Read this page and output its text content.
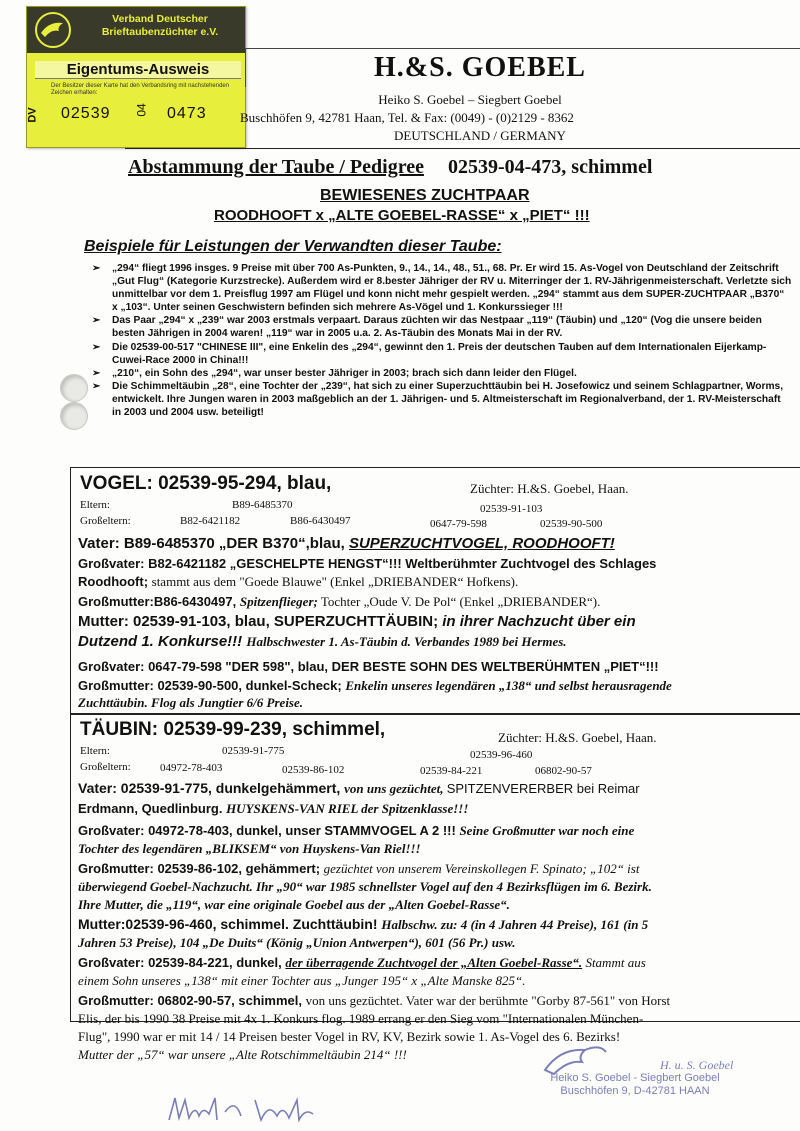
Verband Deutscher
Brieftaubenzüchter e.V.
Eigentums-Ausweis
Der Besitzer dieser Karte hat den Verbandsring mit nachstehenden Zeichen erhalten:
DV 02539 04 0473
H.&S. GOEBEL
Heiko S. Goebel – Siegbert Goebel
Buschhöfen 9, 42781 Haan, Tel. & Fax: (0049) - (0)2129 - 8362
DEUTSCHLAND / GERMANY
Abstammung der Taube / Pedigree 02539-04-473, schimmel
BEWIESENES ZUCHTPAAR
ROODHOOFT x „ALTE GOEBEL-RASSE“ x „PIET“ !!!
Beispiele für Leistungen der Verwandten dieser Taube:
➢ „294“ fliegt 1996 insges. 9 Preise mit über 700 As-Punkten, 9., 14., 14., 48., 51., 68. Pr. Er wird 15. As-Vogel von Deutschland der Zeitschrift „Gut Flug“ (Kategorie Kurzstrecke). Außerdem wird er 8.bester Jähriger der RV u. Miterringer der 1. RV-Jährigenmeisterschaft. Verletzte sich unmittelbar vor dem 1. Preisflug 1997 am Flügel und konn nicht mehr gespielt werden. „294“ stammt aus dem SUPER-ZUCHTPAAR „B370“ x „103“. Unter seinen Geschwistern befinden sich mehrere As-Vögel und 1. Konkurssieger !!!
➢ Das Paar „294“ x „239“ war 2003 erstmals verpaart. Daraus züchten wir das Nestpaar „119“ (Täubin) und „120“ (Vog die unsere beiden besten Jährigen in 2004 waren! „119“ war in 2005 u.a. 2. As-Täubin des Monats Mai in der RV.
➢ Die 02539-00-517 "CHINESE III", eine Enkelin des „294“, gewinnt den 1. Preis der deutschen Tauben auf dem Internationalen Eijerkamp-Cuwei-Race 2000 in China!!!
➢ „210“, ein Sohn des „294“, war unser bester Jähriger in 2003; brach sich dann leider den Flügel.
➢ Die Schimmeltäubin „28“, eine Tochter der „239“, hat sich zu einer Superzuchttäubin bei H. Josefowicz und seinem Schlagpartner, Worms, entwickelt. Ihre Jungen waren in 2003 maßgeblich an der 1. Jährigen- und 5. Altmeisterschaft im Regionalverband, der 1. RV-Meisterschaft in 2003 und 2004 usw. beteiligt!
VOGEL: 02539-95-294, blau,	Züchter: H.&S. Goebel, Haan.
Eltern:	B89-6485370	02539-91-103
Großeltern:	B82-6421182	B86-6430497	0647-79-598	02539-90-500
Vater: B89-6485370 „DER B370“,blau, SUPERZUCHTVOGEL, ROODHOOFT!
Großvater: B82-6421182 „GESCHELPTE HENGST“!!! Weltberühmter Zuchtvogel des Schlages
Roodhooft; stammt aus dem "Goede Blauwe" (Enkel „DRIEBANDER“ Hofkens).
Großmutter:B86-6430497, Spitzenflieger; Tochter „Oude V. De Pol“ (Enkel „DRIEBANDER“).
Mutter: 02539-91-103, blau, SUPERZUCHTTÄUBIN; in ihrer Nachzucht über ein
Dutzend 1. Konkurse!!! Halbschwester 1. As-Täubin d. Verbandes 1989 bei Hermes.
Großvater: 0647-79-598 "DER 598", blau, DER BESTE SOHN DES WELTBERÜHMTEN „PIET“!!!
Großmutter: 02539-90-500, dunkel-Scheck; Enkelin unseres legendären „138“ und selbst herausragende
Zuchttäubin. Flog als Jungtier 6/6 Preise.
TÄUBIN: 02539-99-239, schimmel,	Züchter: H.&S. Goebel, Haan.
Eltern:	02539-91-775	02539-96-460
Großeltern:	04972-78-403	02539-86-102	02539-84-221	06802-90-57
Vater: 02539-91-775, dunkelgehämmert, von uns gezüchtet, SPITZENVERERBER bei Reimar
Erdmann, Quedlinburg. HUYSKENS-VAN RIEL der Spitzenklasse!!!
Großvater: 04972-78-403, dunkel, unser STAMMVOGEL A 2 !!! Seine Großmutter war noch eine
Tochter des legendären „BLIKSEM“ von Huyskens-Van Riel!!!
Großmutter: 02539-86-102, gehämmert; gezüchtet von unserem Vereinskollegen F. Spinato; „102“ ist
überwiegend Goebel-Nachzucht. Ihr „90“ war 1985 schnellster Vogel auf den 4 Bezirksflügen im 6. Bezirk.
Ihre Mutter, die „119“, war eine originale Goebel aus der „Alten Goebel-Rasse“.
Mutter:02539-96-460, schimmel. Zuchttäubin! Halbschw. zu: 4 (in 4 Jahren 44 Preise), 161 (in 5
Jahren 53 Preise), 104 „De Duits“ (König „Union Antwerpen“), 601 (56 Pr.) usw.
Großvater: 02539-84-221, dunkel, der überragende Zuchtvogel der „Alten Goebel-Rasse“. Stammt aus
einem Sohn unseres „138“ mit einer Tochter aus „Junger 195“ x „Alte Manske 825“.
Großmutter: 06802-90-57, schimmel, von uns gezüchtet. Vater war der berühmte "Gorby 87-561" von Horst
Elis, der bis 1990 38 Preise mit 4x 1. Konkurs flog. 1989 errang er den Sieg vom "Internationalen München-
Flug", 1990 war er mit 14 / 14 Preisen bester Vogel in RV, KV, Bezirk sowie 1. As-Vogel des 6. Bezirks!
Mutter der „57“ war unsere „Alte Rotschimmeltäubin 214“ !!!
H. u. S. Goebel
Heiko S. Goebel - Siegbert Goebel
Buschhöfen 9, D-42781 HAAN
